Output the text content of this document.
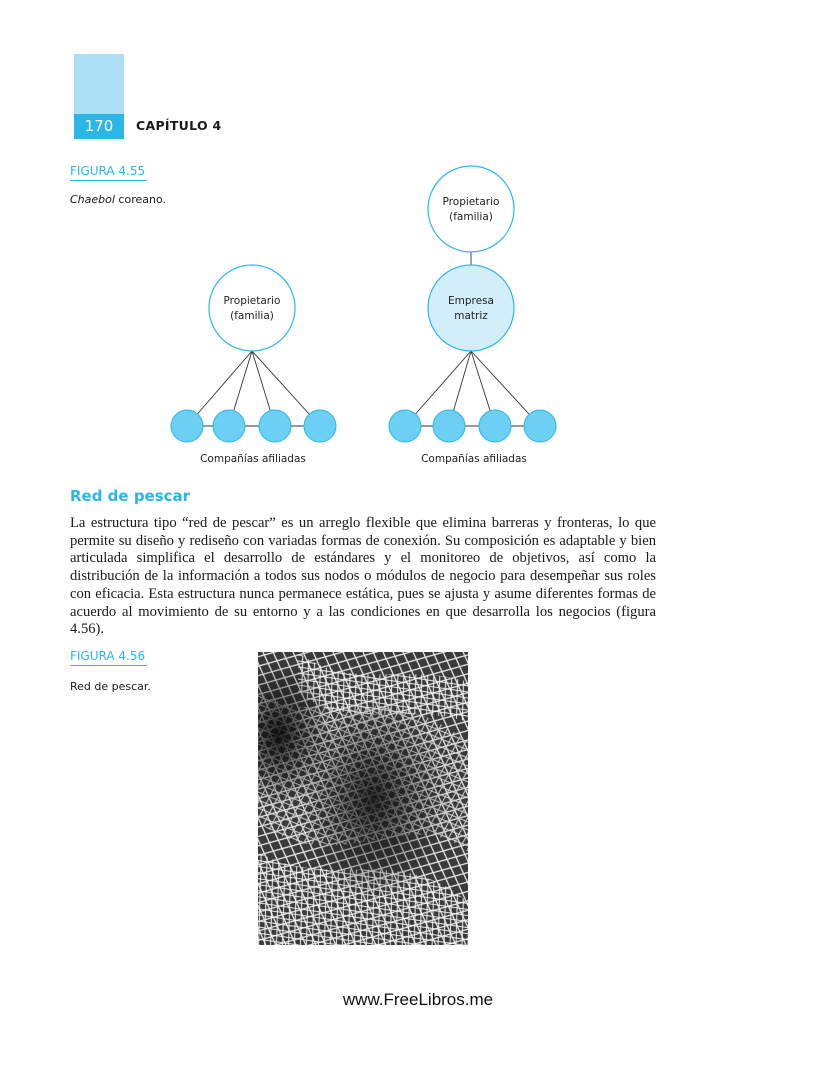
170	CAPÍTULO 4
FIGURA 4.55
Chaebol coreano.
Propietario
(familia)
Compañías afiliadas
Propietario
(familia)
Empresa
matriz
Compañías afiliadas
Red de pescar
La estructura tipo “red de pescar” es un arreglo flexible que elimina barreras y fronteras, lo que permite su diseño y rediseño con variadas formas de conexión. Su composición es adaptable y bien articulada simplifica el desarrollo de estándares y el monitoreo de objetivos, así como la distribución de la información a todos sus nodos o módulos de negocio para desempeñar sus roles con eficacia. Esta estructura nunca permanece estática, pues se ajusta y asume diferentes formas de acuerdo al movimiento de su entorno y a las condiciones en que desarrolla los negocios (figura 4.56).
FIGURA 4.56
Red de pescar.
www.FreeLibros.me
